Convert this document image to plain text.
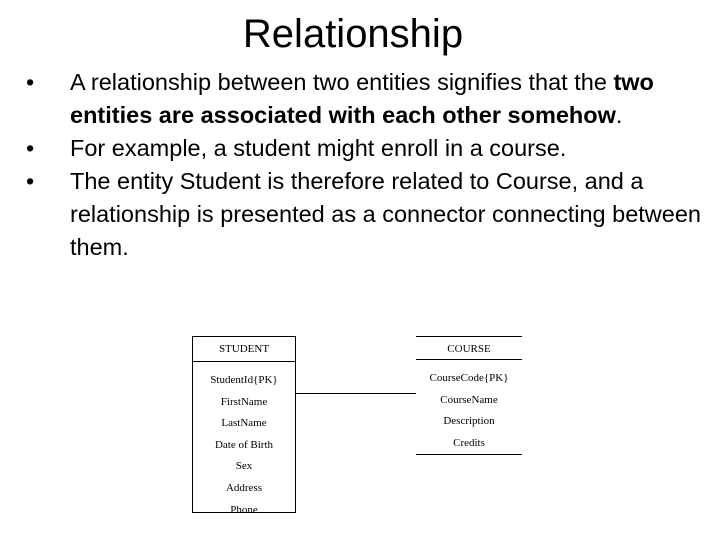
Relationship
•	A relationship between two entities signifies that the two entities are associated with each other somehow.
•	For example, a student might enroll in a course.
•	The entity Student is therefore related to Course, and a relationship is presented as a connector connecting between them.
STUDENT
StudentId{PK}
FirstName
LastName
Date of Birth
Sex
Address
Phone
COURSE
CourseCode{PK}
CourseName
Description
Credits
